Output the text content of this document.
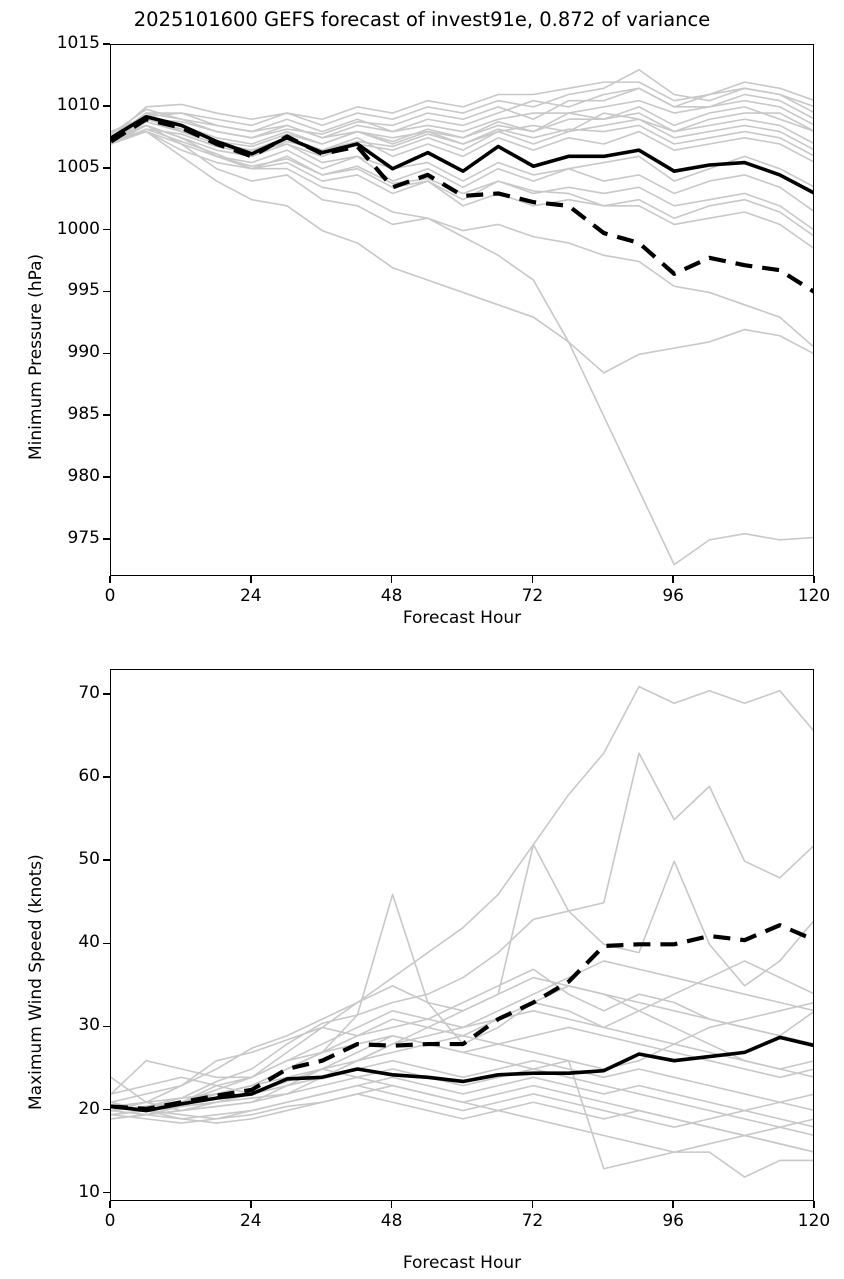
2025101600 GEFS forecast of invest91e, 0.872 of variance
Minimum Pressure (hPa)
Forecast Hour
975
980
985
990
995
1000
1005
1010
1015
0	24	48	72	96	120
Maximum Wind Speed (knots)
Forecast Hour
10
20
30
40
50
60
70
0	24	48	72	96	120
